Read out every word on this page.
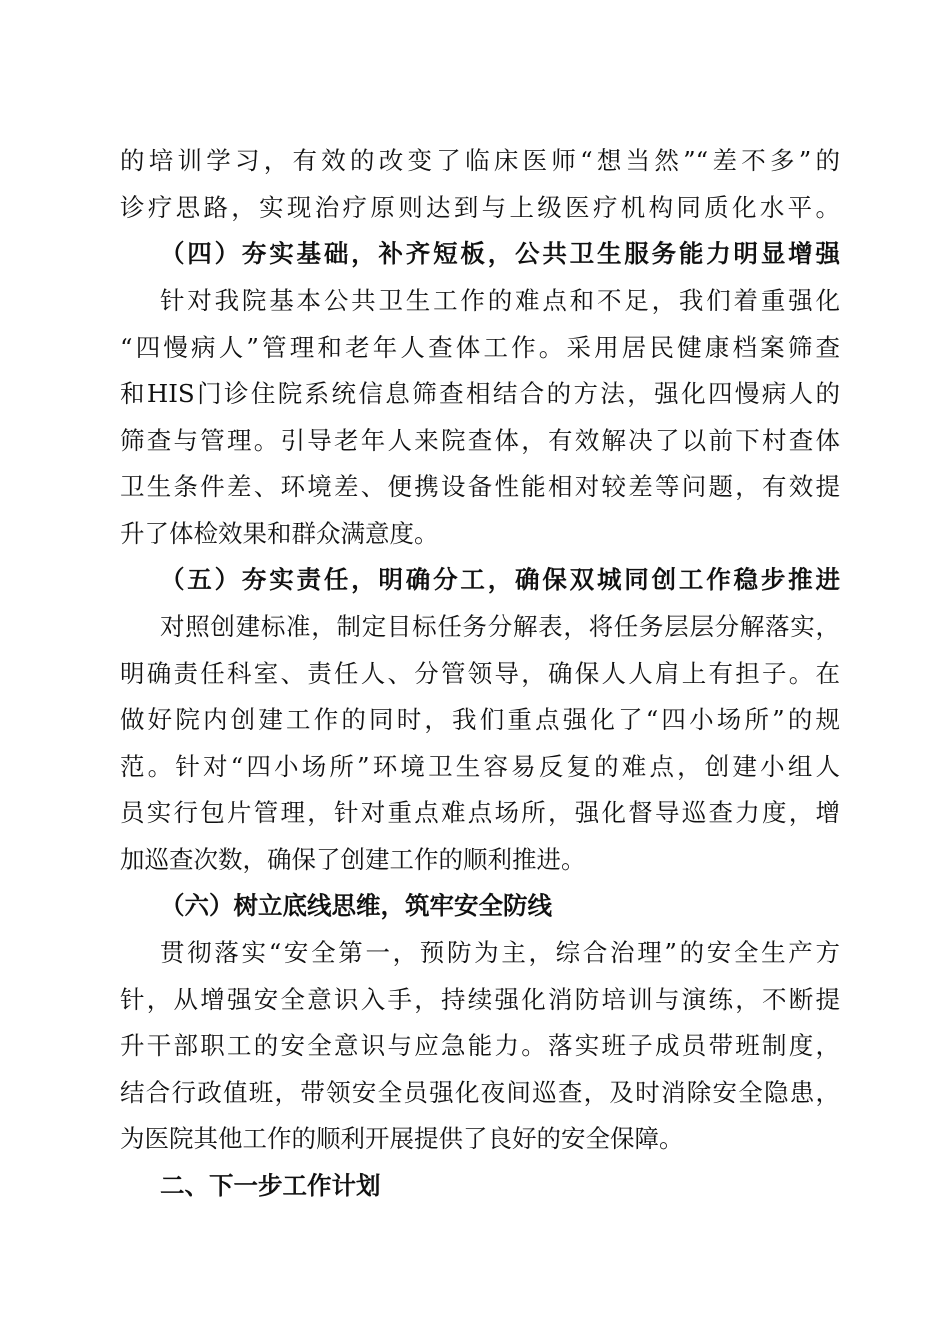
的培训学习，有效的改变了临床医师“想当然”“差不多”的
诊疗思路，实现治疗原则达到与上级医疗机构同质化水平。
（四）夯实基础，补齐短板，公共卫生服务能力明显增强
针对我院基本公共卫生工作的难点和不足，我们着重强化
“四慢病人”管理和老年人查体工作。采用居民健康档案筛查
和HIS门诊住院系统信息筛查相结合的方法，强化四慢病人的
筛查与管理。引导老年人来院查体，有效解决了以前下村查体
卫生条件差、环境差、便携设备性能相对较差等问题，有效提
升了体检效果和群众满意度。
（五）夯实责任，明确分工，确保双城同创工作稳步推进
对照创建标准，制定目标任务分解表，将任务层层分解落实，
明确责任科室、责任人、分管领导，确保人人肩上有担子。在
做好院内创建工作的同时，我们重点强化了“四小场所”的规
范。针对“四小场所”环境卫生容易反复的难点，创建小组人
员实行包片管理，针对重点难点场所，强化督导巡查力度，增
加巡查次数，确保了创建工作的顺利推进。
（六）树立底线思维，筑牢安全防线
贯彻落实“安全第一，预防为主，综合治理”的安全生产方
针，从增强安全意识入手，持续强化消防培训与演练，不断提
升干部职工的安全意识与应急能力。落实班子成员带班制度，
结合行政值班，带领安全员强化夜间巡查，及时消除安全隐患，
为医院其他工作的顺利开展提供了良好的安全保障。
二、下一步工作计划
